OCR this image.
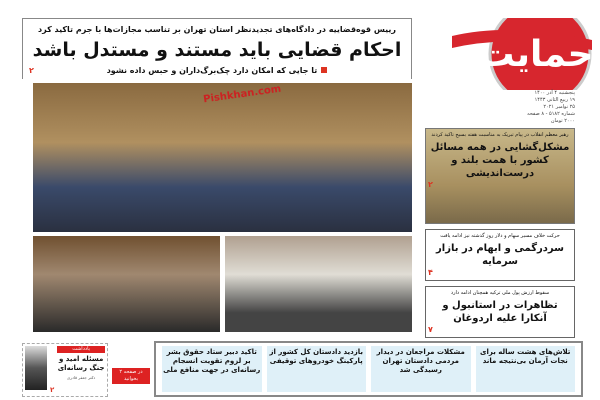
رییس قوه‌قضاییه در دادگاه‌های تجدیدنظر استان تهران بر تناسب مجازات‌ها با جرم تاکید کرد
احکام قضایی باید مستند و مستدل باشد
تا جایی که امکان دارد چک‌برگ‌داران و حبس داده نشود
۲
Pishkhan.com
حمایت
پنجشنبه ۴ آذر ۱۴۰۰
۱۹ ربیع الثانی ۱۴۴۳
۲۵ نوامبر ۲۰۲۱
شماره ۵۱۸۲ - ۸ صفحه
۲۰۰۰ تومان
رهبر معظم انقلاب در پیام تبریک به مناسبت هفته بسیج تاکید کردند
مشکل‌گشایی در همه مسائل کشور با همت بلند و درست‌اندیشی
۲
حرکت خلاف مسیر سهام و دلار روز گذشته نیز ادامه یافت
سردرگمی و ابهام در بازار سرمایه
۴
سقوط ارزش پول ملی ترکیه همچنان ادامه دارد
تظاهرات در استانبول و آنکارا علیه اردوغان
۷
تلاش‌های هشت ساله برای نجات آرمان بی‌نتیجه ماند
مشکلات مراجعان در دیدار مردمی دادستان تهران رسیدگی شد
بازدید دادستان کل کشور از پارکینگ خودروهای توقیفی
تاکید دبیر ستاد حقوق بشر بر لزوم تقویت انسجام رسانه‌ای در جهت منافع ملی
در صفحه ۲ بخوانید
یادداشت
مسئله امید و جنگ رسانه‌ای
دکتر جعفر قادری
۲
